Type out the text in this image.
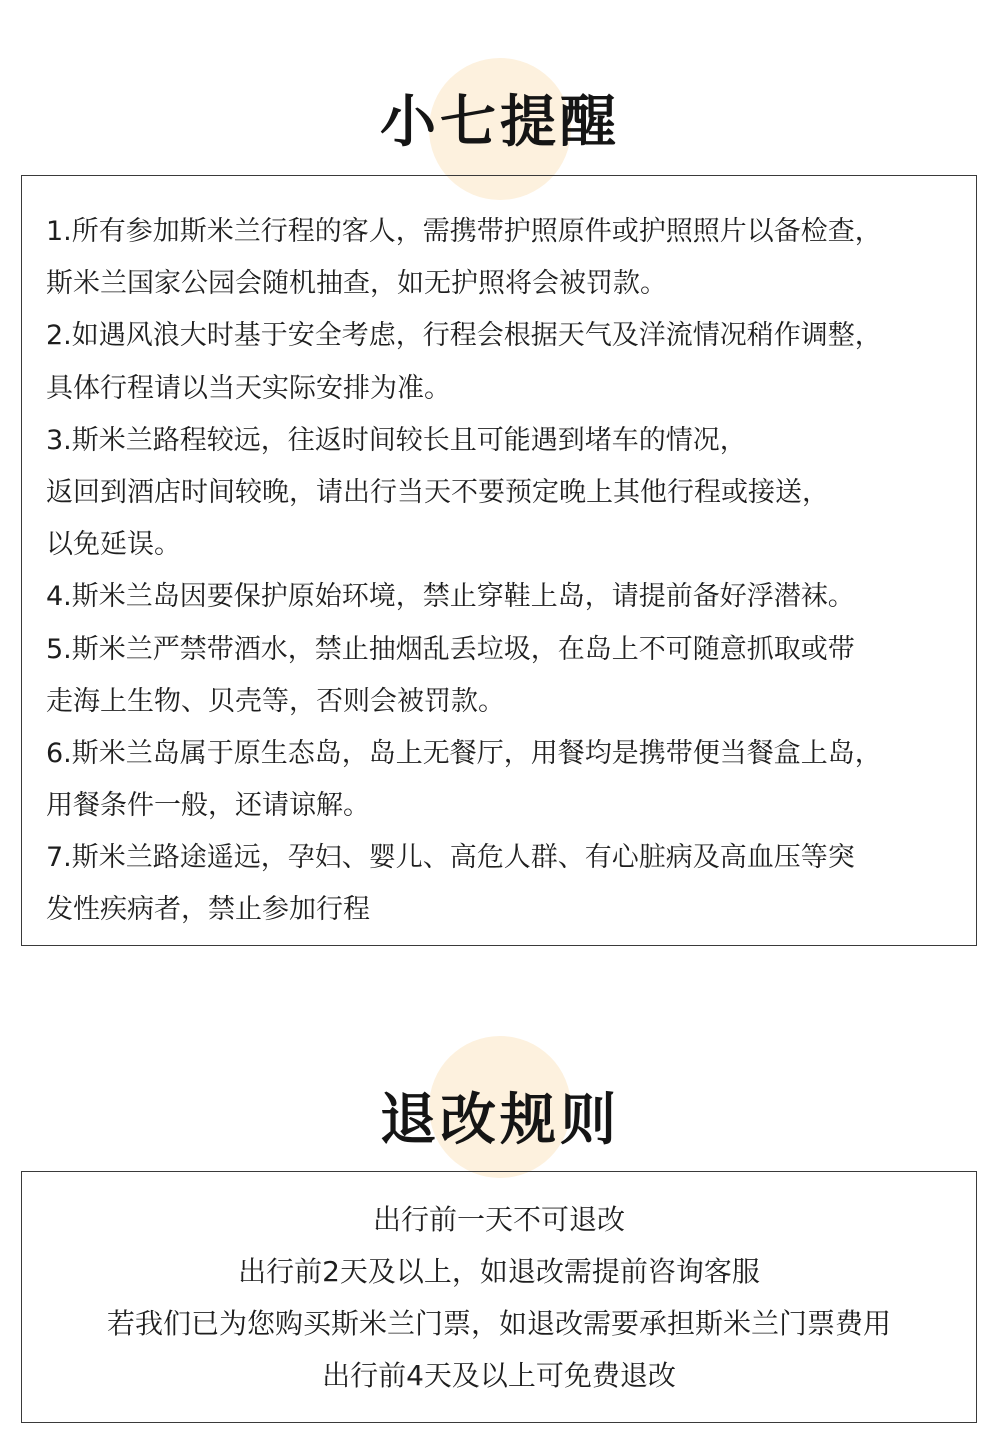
小七提醒
1.所有参加斯米兰行程的客人，需携带护照原件或护照照片以备检查，
斯米兰国家公园会随机抽查，如无护照将会被罚款。
2.如遇风浪大时基于安全考虑，行程会根据天气及洋流情况稍作调整，
具体行程请以当天实际安排为准。
3.斯米兰路程较远，往返时间较长且可能遇到堵车的情况，
返回到酒店时间较晚，请出行当天不要预定晚上其他行程或接送，
以免延误。
4.斯米兰岛因要保护原始环境，禁止穿鞋上岛，请提前备好浮潜袜。
5.斯米兰严禁带酒水，禁止抽烟乱丢垃圾，在岛上不可随意抓取或带
走海上生物、贝壳等，否则会被罚款。
6.斯米兰岛属于原生态岛，岛上无餐厅，用餐均是携带便当餐盒上岛，
用餐条件一般，还请谅解。
7.斯米兰路途遥远，孕妇、婴儿、高危人群、有心脏病及高血压等突
发性疾病者，禁止参加行程
退改规则
出行前一天不可退改
出行前2天及以上，如退改需提前咨询客服
若我们已为您购买斯米兰门票，如退改需要承担斯米兰门票费用
出行前4天及以上可免费退改
